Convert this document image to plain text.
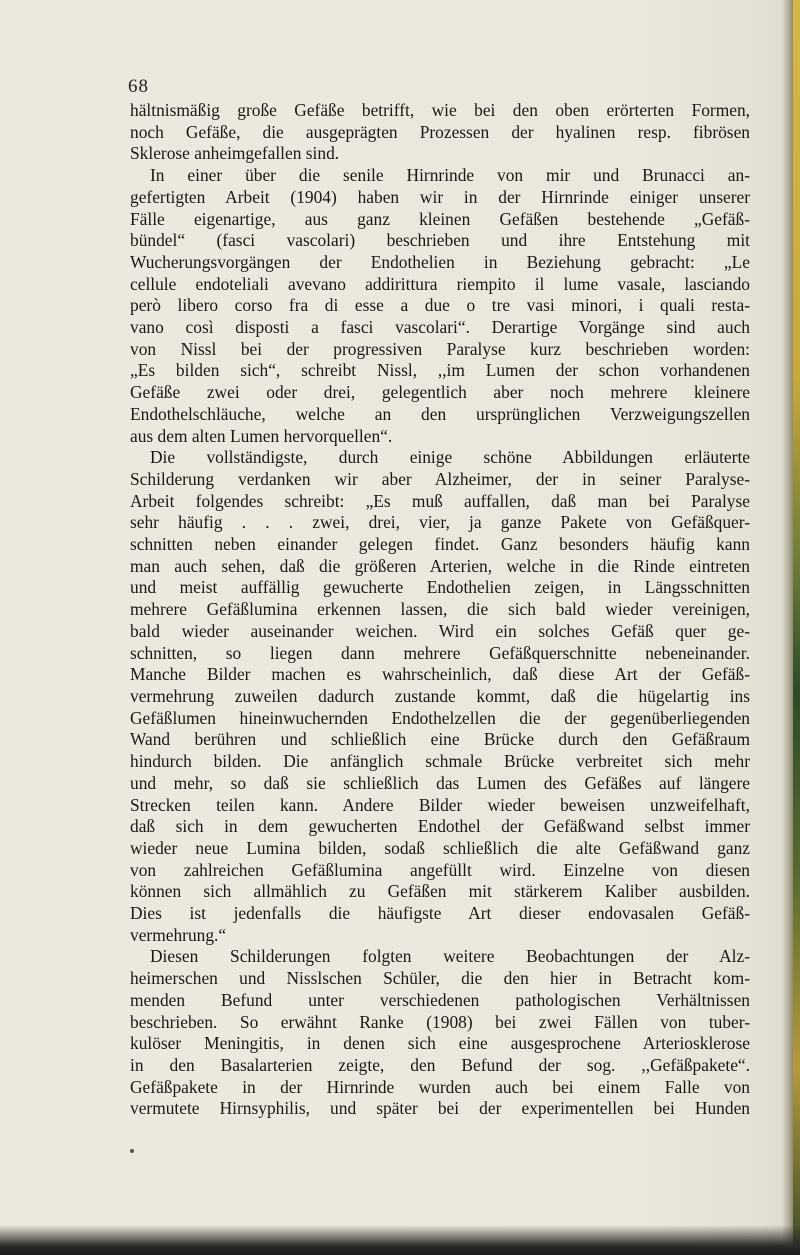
68
hältnismäßig große Gefäße betrifft, wie bei den oben erörterten Formen,
noch Gefäße, die ausgeprägten Prozessen der hyalinen resp. fibrösen
Sklerose anheimgefallen sind.
In einer über die senile Hirnrinde von mir und Brunacci an-
gefertigten Arbeit (1904) haben wir in der Hirnrinde einiger unserer
Fälle eigenartige, aus ganz kleinen Gefäßen bestehende „Gefäß-
bündel“ (fasci vascolari) beschrieben und ihre Entstehung mit
Wucherungsvorgängen der Endothelien in Beziehung gebracht: „Le
cellule endoteliali avevano addirittura riempito il lume vasale, lasciando
però libero corso fra di esse a due o tre vasi minori, i quali resta-
vano così disposti a fasci vascolari“. Derartige Vorgänge sind auch
von Nissl bei der progressiven Paralyse kurz beschrieben worden:
„Es bilden sich“, schreibt Nissl, ,,im Lumen der schon vorhandenen
Gefäße zwei oder drei, gelegentlich aber noch mehrere kleinere
Endothelschläuche, welche an den ursprünglichen Verzweigungszellen
aus dem alten Lumen hervorquellen“.
Die vollständigste, durch einige schöne Abbildungen erläuterte
Schilderung verdanken wir aber Alzheimer, der in seiner Paralyse-
Arbeit folgendes schreibt: „Es muß auffallen, daß man bei Paralyse
sehr häufig . . . zwei, drei, vier, ja ganze Pakete von Gefäßquer-
schnitten neben einander gelegen findet. Ganz besonders häufig kann
man auch sehen, daß die größeren Arterien, welche in die Rinde eintreten
und meist auffällig gewucherte Endothelien zeigen, in Längsschnitten
mehrere Gefäßlumina erkennen lassen, die sich bald wieder vereinigen,
bald wieder auseinander weichen. Wird ein solches Gefäß quer ge-
schnitten, so liegen dann mehrere Gefäßquerschnitte nebeneinander.
Manche Bilder machen es wahrscheinlich, daß diese Art der Gefäß-
vermehrung zuweilen dadurch zustande kommt, daß die hügelartig ins
Gefäßlumen hineinwuchernden Endothelzellen die der gegenüberliegenden
Wand berühren und schließlich eine Brücke durch den Gefäßraum
hindurch bilden. Die anfänglich schmale Brücke verbreitet sich mehr
und mehr, so daß sie schließlich das Lumen des Gefäßes auf längere
Strecken teilen kann. Andere Bilder wieder beweisen unzweifelhaft,
daß sich in dem gewucherten Endothel der Gefäßwand selbst immer
wieder neue Lumina bilden, sodaß schließlich die alte Gefäßwand ganz
von zahlreichen Gefäßlumina angefüllt wird. Einzelne von diesen
können sich allmählich zu Gefäßen mit stärkerem Kaliber ausbilden.
Dies ist jedenfalls die häufigste Art dieser endovasalen Gefäß-
vermehrung.“
Diesen Schilderungen folgten weitere Beobachtungen der Alz-
heimerschen und Nisslschen Schüler, die den hier in Betracht kom-
menden Befund unter verschiedenen pathologischen Verhältnissen
beschrieben. So erwähnt Ranke (1908) bei zwei Fällen von tuber-
kulöser Meningitis, in denen sich eine ausgesprochene Arteriosklerose
in den Basalarterien zeigte, den Befund der sog. ,,Gefäßpakete“.
Gefäßpakete in der Hirnrinde wurden auch bei einem Falle von
vermutete Hirnsyphilis, und später bei der experimentellen bei Hunden
